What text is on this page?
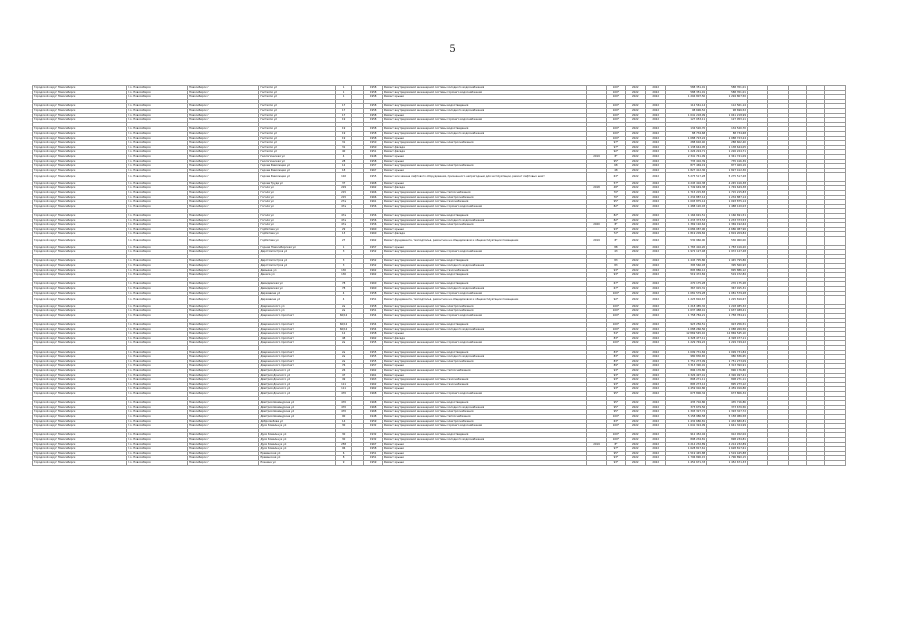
5
Городской округ Новосибирск	г.о. Новосибирск	Новосибирск г	Гастелло ул	1		1958	Ремонт внутридомовой инженерной системы холодного водоснабжения		100*	2022	2022	588 351,01	588 351,01					
Городской округ Новосибирск	г.о. Новосибирск	Новосибирск г	Гастелло ул	1		1958	Ремонт внутридомовой инженерной системы горячего водоснабжения		100*	2022	2022	588 351,01	588 351,01					
Городской округ Новосибирск	г.о. Новосибирск	Новосибирск г	Гастелло ул	1		1958	Ремонт крыши		100*	2022	2022	1 294 807,50	1 294 807,50					

Городской округ Новосибирск	г.о. Новосибирск	Новосибирск г	Гастелло ул	17		1958	Ремонт внутридомовой инженерной системы водоотведения		100*	2022	2022	112 561,14	112 561,14					
Городской округ Новосибирск	г.о. Новосибирск	Новосибирск г	Гастелло ул	17		1958	Ремонт внутридомовой инженерной системы холодного водоснабжения		100*	2022	2022	98 696,52	98 696,52					
Городской округ Новосибирск	г.о. Новосибирск	Новосибирск г	Гастелло ул	17		1958	Ремонт крыши		100*	2022	2022	1 041 218,99	1 041 218,99					
Городской округ Новосибирск	г.о. Новосибирск	Новосибирск г	Гастелло ул	19		1958	Ремонт внутридомовой инженерной системы горячего водоснабжения		100*	2022	2022	127 053,11	127 053,11					

Городской округ Новосибирск	г.о. Новосибирск	Новосибирск г	Гастелло ул	19		1958	Ремонт внутридомовой инженерной системы водоотведения		100*	2022	2022	134 520,70	134 520,70					
Городской округ Новосибирск	г.о. Новосибирск	Новосибирск г	Гастелло ул	19		1958	Ремонт внутридомовой инженерной системы холодного водоснабжения		100*	2022	2022	88 734,68	88 734,68					
Городской округ Новосибирск	г.о. Новосибирск	Новосибирск г	Гастелло ул	19		1958	Ремонт крыши		100*	2022	2022	1 088 723,24	1 088 723,24					
Городской округ Новосибирск	г.о. Новосибирск	Новосибирск г	Гастелло ул	31		1950	Ремонт внутридомовой инженерной системы электроснабжения		97*	2022	2022	288 602,40	288 602,40					
Городской округ Новосибирск	г.о. Новосибирск	Новосибирск г	Гастелло ул	31		1950	Ремонт фасада		97*	2022	2022	1 138 644,05	1 138 644,05					
Городской округ Новосибирск	г.о. Новосибирск	Новосибирск г	Гастелло ул	40		1951	Ремонт фасада		92*	2022	2022	1 226 224,71	1 226 224,71					
Городской округ Новосибирск	г.о. Новосибирск	Новосибирск г	Геологическая ул	4		1948	Ремонт крыши	2019	8*	2022	2022	2 341 741,09	2 341 741,09					
Городской округ Новосибирск	г.о. Новосибирск	Новосибирск г	Геологическая ул	28		1958	Ремонт крыши		95*	2022	2022	735 416,39	735 416,39					
Городской округ Новосибирск	г.о. Новосибирск	Новосибирск г	Героев Революции ул	12		1957	Ремонт внутридомовой инженерной системы электроснабжения		68	2022	2022	877 469,19	877 469,19					
Городской округ Новосибирск	г.о. Новосибирск	Новосибирск г	Героев Революции ул	18		1967	Ремонт крыши		48	2022	2022	1 827 412,36	1 827 412,36					
Городской округ Новосибирск	г.о. Новосибирск	Новосибирск г	Героев Революции ул	102		1955	Ремонт или замена лифтового оборудования, признанного непригодным для эксплуатации, ремонт лифтовых шахт		63*	2022	2022	5 275 517,28	5 275 517,28					
Городской округ Новосибирск	г.о. Новосибирск	Новосибирск г	Героев Труда ул	37		1968	Ремонт крыши		57*	2022	2022	4 245 416,38	4 245 416,38					
Городской округ Новосибирск	г.о. Новосибирск	Новосибирск г	Гоголя ул	229		1962	Ремонт фасада	2018	48*	2022	2022	1 749 649,38	1 749 649,38					
Городской округ Новосибирск	г.о. Новосибирск	Новосибирск г	Гоголя ул	215		1966	Ремонт внутридомовой инженерной системы теплоснабжения		70*	2022	2022	1 715 215,83	1 715 215,83					
Городской округ Новосибирск	г.о. Новосибирск	Новосибирск г	Гоголя ул	215		1966	Ремонт внутридомовой инженерной системы электроснабжения		70*	2022	2022	1 234 887,14	1 234 887,14					
Городской округ Новосибирск	г.о. Новосибирск	Новосибирск г	Гоголя ул	27а		1961	Ремонт внутридомовой инженерной системы газоснабжения		95*	2022	2022	1 093 875,14	1 093 875,14					
Городской округ Новосибирск	г.о. Новосибирск	Новосибирск г	Гоголя ул	47а		1956	Ремонт внутридомовой инженерной системы горячего водоснабжения		82*	2022	2022	1 488 120,03	1 488 120,03					

Городской округ Новосибирск	г.о. Новосибирск	Новосибирск г	Гоголя ул	47а		1956	Ремонт внутридомовой инженерной системы водоотведения		82*	2022	2022	1 166 691,51	1 166 691,51					
Городской округ Новосибирск	г.о. Новосибирск	Новосибирск г	Гоголя ул	47а		1956	Ремонт внутридомовой инженерной системы холодного водоснабжения		82*	2022	2022	1 233 373,53	1 233 373,53					
Городской округ Новосибирск	г.о. Новосибирск	Новосибирск г	Гоголя ул	47а		1956	Ремонт внутридомовой инженерной системы электроснабжения	2020	8*	2022	2022	1 369 192,64	1 369 192,64					
Городской округ Новосибирск	г.о. Новосибирск	Новосибирск г	Горбатова ул	29		1960	Ремонт крыши		93*	2022	2022	4 686 087,96	4 686 087,96					
Городской округ Новосибирск	г.о. Новосибирск	Новосибирск г	Горбатова ул	13		1960	Ремонт фасада		72*	2022	2022	1 819 209,84	1 819 209,84					
Городской округ Новосибирск	г.о. Новосибирск	Новосибирск г	Горбатова ул	27		1962	Ремонт фундамента, техподполья, ремонтное на общедомовом и общеэксплуатации помещении	2019	8*	2022	2022	530 960,00	530 960,00					
Городской округ Новосибирск	г.о. Новосибирск	Новосибирск г	Горная Новосибирская ул	1		1957	Ремонт крыши		88	2022	2022	1 783 416,20	1 783 416,20					
Городской округ Новосибирск	г.о. Новосибирск	Новосибирск г	Дарстомпостроя ул	3		1952	Ремонт внутридомовой инженерной системы горячего водоснабжения		43	2022	2022	1 972 127,48	1 972 127,48					

Городской округ Новосибирск	г.о. Новосибирск	Новосибирск г	Дарстомпостроя ул	3		1952	Ремонт внутридомовой инженерной системы водоотведения		83	2022	2022	1 445 795,86	1 445 795,86					
Городской округ Новосибирск	г.о. Новосибирск	Новосибирск г	Дарстомпостроя ул	3		1952	Ремонт внутридомовой инженерной системы холодного водоснабжения		83	2022	2022	395 560,93	395 560,93					
Городской округ Новосибирск	г.о. Новосибирск	Новосибирск г	Демьяна ул	130		1962	Ремонт внутридомовой инженерной системы газоснабжения		93*	2022	2022	895 886,12	895 886,12					
Городской округ Новосибирск	г.о. Новосибирск	Новосибирск г	Дениса ул	130		1962	Ремонт внутридомовой инженерной системы водоотведения		93*	2022	2022	519 472,84	519 472,84					

Городской округ Новосибирск	г.о. Новосибирск	Новосибирск г	Демидовская ул	78		1960	Ремонт внутридомовой инженерной системы водоотведения		67*	2022	2022	270 175,28	270 175,28					
Городской округ Новосибирск	г.о. Новосибирск	Новосибирск г	Демидовская ул	78		1960	Ремонт внутридомовой инженерной системы холодного водоснабжения		67*	2022	2022	367 915,31	367 915,31					
Городской округ Новосибирск	г.о. Новосибирск	Новосибирск г	Державина ул	4		1958	Ремонт внутридомовой инженерной системы горячего водоснабжения		100*	2022	2022	1 081 579,28	1 081 579,28					
Городской округ Новосибирск	г.о. Новосибирск	Новосибирск г	Державина ул	4		1951	Ремонт фундамента, техподполья, ремонтное на общедомовом и общеэксплуатации помещении		92*	2022	2022	1 225 816,67	1 225 816,67					
Городской округ Новосибирск	г.о. Новосибирск	Новосибирск г	Дзержинского ул	2а		1958	Ремонт внутридомовой инженерной системы электроснабжения		100*	2022	2022	1 218 485,32	1 218 485,32					
Городской округ Новосибирск	г.о. Новосибирск	Новосибирск г	Дзержинского ул	2а		1951	Ремонт внутридомовой инженерной системы электроснабжения		100*	2022	2022	1 637 488,41	1 637 488,41					
Городской округ Новосибирск	г.о. Новосибирск	Новосибирск г	Дзержинского проспект	60/12		1954	Ремонт внутридомовой инженерной системы горячего водоснабжения		100*	2022	2022	1 758 784,21	1 758 784,21					

Городской округ Новосибирск	г.о. Новосибирск	Новосибирск г	Дзержинского проспект	60/12		1954	Ремонт внутридомовой инженерной системы водоотведения		100*	2022	2022	923 256,51	923 256,51					
Городской округ Новосибирск	г.о. Новосибирск	Новосибирск г	Дзержинского проспект	60/12		1954	Ремонт внутридомовой инженерной системы холодного водоснабжения		100*	2022	2022	1 088 266,56	1 088 266,56					
Городской округ Новосибирск	г.о. Новосибирск	Новосибирск г	Дзержинского проспект	12		1958	Ремонт крыши		54*	2022	2022	12 869 545,10	12 869 545,10					
Городской округ Новосибирск	г.о. Новосибирск	Новосибирск г	Дзержинского проспект	48		1962	Ремонт фасада		83*	2022	2022	4 328 477,11	4 328 477,11					
Городской округ Новосибирск	г.о. Новосибирск	Новосибирск г	Дзержинского проспект	2а		1955	Ремонт внутридомовой инженерной системы горячего водоснабжения		100*	2022	2022	1 229 749,22	1 229 749,22					

Городской округ Новосибирск	г.о. Новосибирск	Новосибирск г	Дзержинского проспект	2а		1955	Ремонт внутридомовой инженерной системы водоотведения		83*	2022	2022	1 099 731,84	1 099 731,84					
Городской округ Новосибирск	г.о. Новосибирск	Новосибирск г	Дзержинского проспект	2а		1955	Ремонт внутридомовой инженерной системы холодного водоснабжения		83*	2022	2022	980 836,65	980 836,65					
Городской округ Новосибирск	г.о. Новосибирск	Новосибирск г	Дзержинского проспект	2а		1955	Ремонт внутридомовой инженерной системы электроснабжения		83*	2022	2022	1 751 273,09	1 751 273,09					
Городской округ Новосибирск	г.о. Новосибирск	Новосибирск г	Дзержинского проспект	76		1957	Ремонт крыши		89*	2022	2022	3 313 390,91	3 313 390,91					
Городской округ Новосибирск	г.о. Новосибирск	Новосибирск г	Дмитрия Донского ул	26		1962	Ремонт внутридомовой инженерной системы теплоснабжения		93*	2022	2022	896 176,80	896 176,80					
Городской округ Новосибирск	г.о. Новосибирск	Новосибирск г	Дмитрия Донского ул	47		1961	Ремонт крыши		93*	2022	2022	4 326 497,41	4 326 497,41					
Городской округ Новосибирск	г.о. Новосибирск	Новосибирск г	Дмитрия Донского ул	49		1963	Ремонт внутридомовой инженерной системы газоснабжения		93*	2022	2022	808 271,11	808 271,11					
Городской округ Новосибирск	г.о. Новосибирск	Новосибирск г	Дмитрия Донского ул	111		1962	Ремонт внутридомовой инженерной системы газоснабжения		93*	2022	2022	895 273,12	895 273,12					
Городской округ Новосибирск	г.о. Новосибирск	Новосибирск г	Дмитрия Донского ул	111		1962	Ремонт крыши		93*	2022	2022	4 459 916,86	4 459 916,86					
Городской округ Новосибирск	г.о. Новосибирск	Новосибирск г	Дмитрия Донского ул	470		1968	Ремонт внутридомовой инженерной системы горячего водоснабжения		95*	2022	2022	673 806,34	673 806,34					

Городской округ Новосибирск	г.о. Новосибирск	Новосибирск г	Дмитрия Шамшурина ул	470		1968	Ремонт внутридомовой инженерной системы водоотведения		95*	2022	2022	435 716,86	435 716,86					
Городской округ Новосибирск	г.о. Новосибирск	Новосибирск г	Дмитрия Шамшурина ул	470		1968	Ремонт внутридомовой инженерной системы холодного водоснабжения		95*	2022	2022	373 679,56	373 679,56					
Городской округ Новосибирск	г.о. Новосибирск	Новосибирск г	Дмитрия Шамшурина ул	470		1968	Ремонт внутридомовой инженерной системы электроснабжения		95*	2022	2022	1 393 327,72	1 393 327,72					
Городской округ Новосибирск	г.о. Новосибирск	Новосибирск г	Дмитрия Шамшурина ул	90		1948	Ремонт внутридомовой инженерной системы теплоснабжения		100*	2022	2022	5 158 986,58	5 158 986,58					
Городской округ Новосибирск	г.о. Новосибирск	Новосибирск г	Добролюбова ул	14		1959	Ремонт внутридомовой инженерной системы электроснабжения		63*	2022	2022	1 432 680,81	1 432 680,81					
Городской округ Новосибирск	г.о. Новосибирск	Новосибирск г	Дуси Ковальчук ул	30		1932	Ремонт внутридомовой инженерной системы горячего водоснабжения		100*	2022	2022	1 641 324,99	1 641 324,99					

Городской округ Новосибирск	г.о. Новосибирск	Новосибирск г	Дуси Ковальчук ул	30		1932	Ремонт внутридомовой инженерной системы водоотведения		100*	2022	2022	912 452,04	912 452,04					
Городской округ Новосибирск	г.о. Новосибирск	Новосибирск г	Дуси Ковальчук ул	30		1932	Ремонт внутридомовой инженерной системы холодного водоснабжения		100*	2022	2022	898 234,81	898 234,81					
Городской округ Новосибирск	г.о. Новосибирск	Новосибирск г	Дуси Ковальчук ул	258		1967	Ремонт крыши	2019	8*	2022	2022	4 214 232,89	4 214 232,89					
Городской округ Новосибирск	г.о. Новосибирск	Новосибирск г	Дуси Ковальчук ул	96		1958	Ремонт крыши		97*	2022	2022	1 628 817,61	1 628 817,61					
Городской округ Новосибирск	г.о. Новосибирск	Новосибирск г	Ереванская ул	6		1951	Ремонт крыши		95*	2022	2022	1 519 445,88	1 519 445,88					
Городской округ Новосибирск	г.о. Новосибирск	Новосибирск г	Ереванская ул	8		1951	Ремонт крыши		93*	2022	2022	1 796 890,15	1 796 890,15					
Городской округ Новосибирск	г.о. Новосибирск	Новосибирск г	Есенина ул	9		1959	Ремонт крыши		93*	2022	2022	1 452 671,33	1 452 671,33					
